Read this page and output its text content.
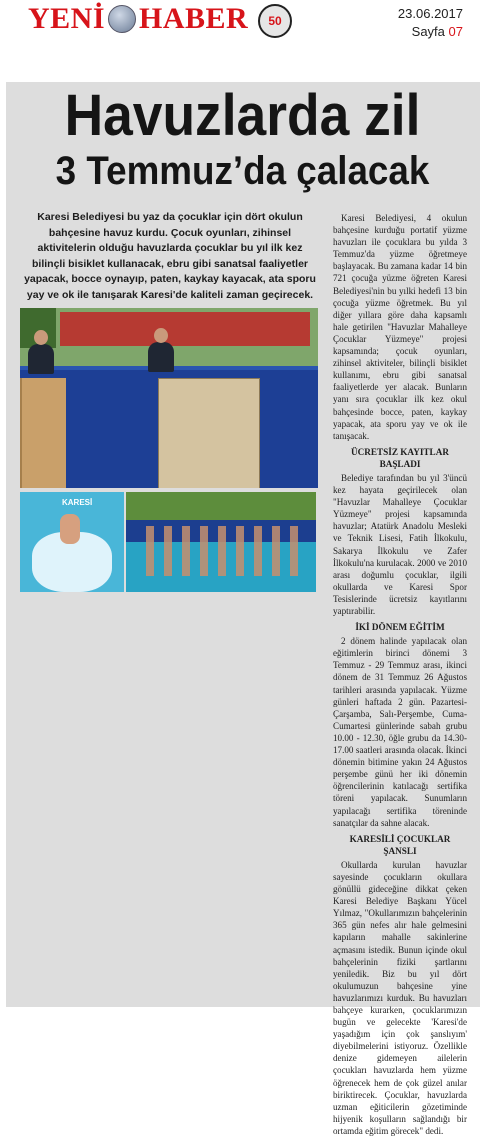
YENİ HABER	50	23.06.2017
Sayfa 07
Havuzlarda zil
3 Temmuz’da çalacak
Karesi Belediyesi bu yaz da çocuklar için dört okulun bahçesine havuz kurdu. Çocuk oyunları, zihinsel aktivitelerin olduğu havuzlarda çocuklar bu yıl ilk kez bilinçli bisiklet kullanacak, ebru gibi sanatsal faaliyetler yapacak, bocce oynayıp, paten, kaykay kayacak, ata sporu yay ve ok ile tanışarak Karesi'de kaliteli zaman geçirecek.
KARESİ

Karesi Belediyesi, 4 okulun bahçesine kurduğu portatif yüzme havuzları ile çocuklara bu yılda 3 Temmuz'da yüzme öğretmeye başlayacak. Bu zamana kadar 14 bin 721 çocuğa yüzme öğreten Karesi Belediyesi'nin bu yılki hedefi 13 bin çocuğa yüzme öğretmek. Bu yıl diğer yıllara göre daha kapsamlı hale getirilen "Havuzlar Mahalleye Çocuklar Yüzmeye" projesi kapsamında; çocuk oyunları, zihinsel aktiviteler, bilinçli bisiklet kullanımı, ebru gibi sanatsal faaliyetlerde yer alacak. Bunların yanı sıra çocuklar ilk kez okul bahçesinde bocce, paten, kaykay yapacak, ata sporu yay ve ok ile tanışacak.

ÜCRETSİZ KAYITLAR BAŞLADI

Belediye tarafından bu yıl 3'üncü kez hayata geçirilecek olan "Havuzlar Mahalleye Çocuklar Yüzmeye" projesi kapsamında havuzlar; Atatürk Anadolu Mesleki ve Teknik Lisesi, Fatih İlkokulu, Sakarya İlkokulu ve Zafer İlkokulu'na kurulacak. 2000 ve 2010 arası doğumlu çocuklar, ilgili okullarda ve Karesi Spor Tesislerinde ücretsiz kayıtlarını yaptırabilir.

İKİ DÖNEM EĞİTİM

2 dönem halinde yapılacak olan eğitimlerin birinci dönemi 3 Temmuz - 29 Temmuz arası, ikinci dönem de 31 Temmuz 26 Ağustos tarihleri arasında yapılacak. Yüzme günleri haftada 2 gün. Pazartesi-Çarşamba, Salı-Perşembe, Cuma-Cumartesi günlerinde sabah grubu 10.00 - 12.30, öğle grubu da 14.30-17.00 saatleri arasında olacak. İkinci dönemin bitimine yakın 24 Ağustos perşembe günü her iki dönemin öğrencilerinin katılacağı sertifika töreni yapılacak. Sunumların yapılacağı sertifika töreninde sanatçılar da sahne alacak.

KARESİLİ ÇOCUKLAR ŞANSLI

Okullarda kurulan havuzlar sayesinde çocukların okullara gönüllü gideceğine dikkat çeken Karesi Belediye Başkanı Yücel Yılmaz, "Okullarımızın bahçelerinin 365 gün nefes alır hale gelmesini kapıların mahalle sakinlerine açmasını istedik. Bunun içinde okul bahçelerinin fiziki şartlarını yeniledik. Biz bu yıl dört okulumuzun bahçesine yine havuzlarımızı kurduk. Bu havuzları bahçeye kurarken, çocuklarımızın bugün ve gelecekte 'Karesi'de yaşadığım için çok şanslıyım' diyebilmelerini istiyoruz. Özellikle denize gidemeyen ailelerin çocukları havuzlarda hem yüzme öğrenecek hem de çok güzel anılar biriktirecek. Çocuklar, havuzlarda uzman eğiticilerin gözetiminde hijyenik koşulların sağlandığı bir ortamda eğitim görecek" dedi.
